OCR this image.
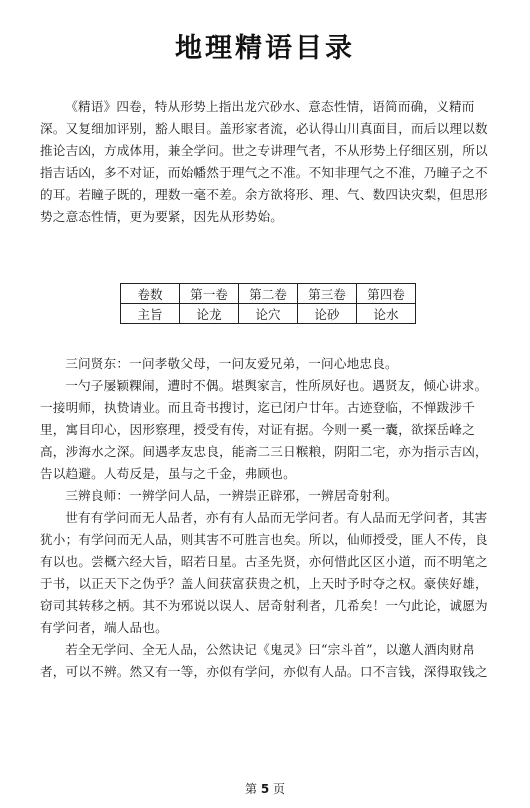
地理精语目录
《精语》四卷，特从形势上指出龙穴砂水、意态性情，语简而确，义精而深。又复细加评别，豁人眼目。盖形家者流，必认得山川真面目，而后以理以数推论吉凶，方成体用，兼全学问。世之专讲理气者，不从形势上仔细区别，所以指吉话凶，多不对证，而始幡然于理气之不准。不知非理气之不准，乃瞳子之不的耳。若瞳子既的，理数一毫不差。余方欲将形、理、气、数四诀灾梨，但思形势之意态性情，更为要紧，因先从形势始。
卷数	第一卷	第二卷	第三卷	第四卷
主旨	论龙	论穴	论砂	论水
三问贤东：一问孝敬父母，一问友爱兄弟，一问心地忠良。
一勺子屡颖粿闹，遭时不偶。堪舆家言，性所夙好也。遇贤友，倾心讲求。一接明师，执贽请业。而且奇书搜讨，迄已闭户廿年。古迹登临，不惮跋涉千里，寓目印心，因形察理，授受有传，对证有据。今则一奚一囊，欲探岳峰之高，涉海水之深。间遇孝友忠良，能斋二三日糇粮，阴阳二宅，亦为指示吉凶，告以趋避。人苟反是，虽与之千金，弗顾也。
三辨良师：一辨学问人品，一辨崇正辟邪，一辨居奇射利。
世有有学问而无人品者，亦有有人品而无学问者。有人品而无学问者，其害犹小；有学问而无人品，则其害不可胜言也矣。所以，仙师授受，匪人不传，良有以也。尝概六经大旨，昭若日星。古圣先贤，亦何惜此区区小道，而不明笔之于书，以正天下之伪乎？盖人间获富获贵之机，上天时予时夺之权。豪侠好雄，窃司其转移之柄。其不为邪说以误人、居奇射利者，几希矣！一勺此论，诚愿为有学问者，端人品也。
若全无学问、全无人品，公然诀记《鬼灵》曰“宗斗首”，以邀人酒肉财帛者，可以不辨。然又有一等，亦似有学问，亦似有人品。口不言钱，深得取钱之
第 5 页
